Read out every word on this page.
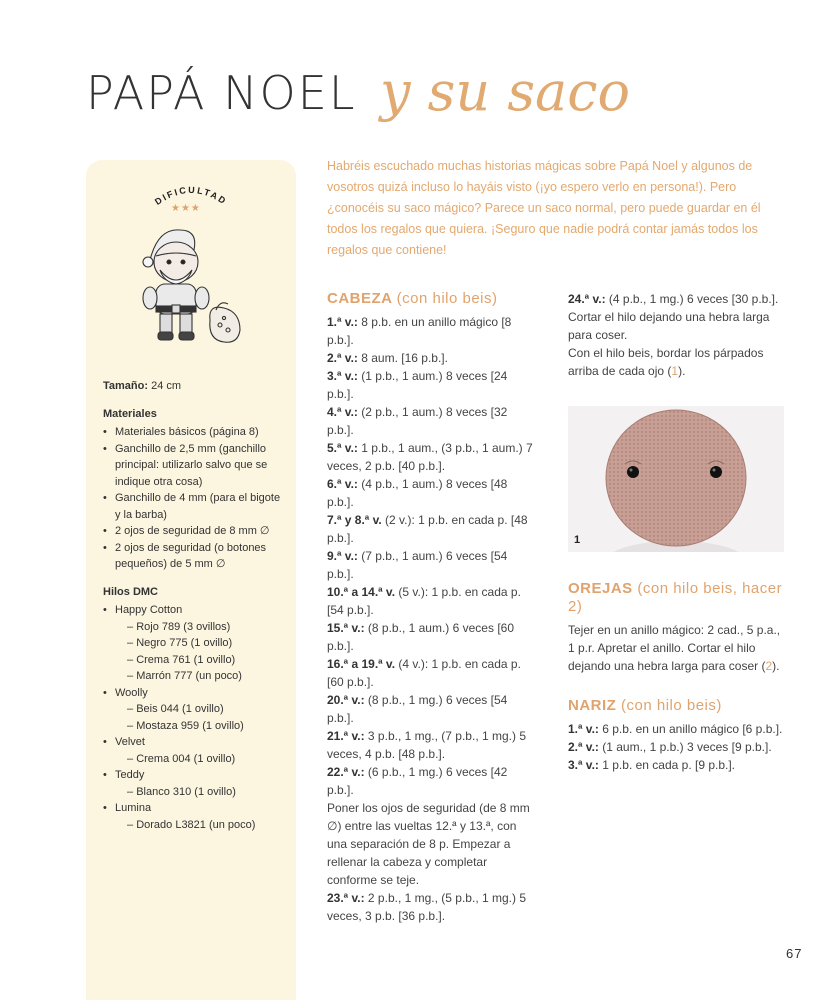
PAPÁ NOEL y su saco
DIFICULTAD
★★★
Tamaño: 24 cm
Materiales
• Materiales básicos (página 8)
• Ganchillo de 2,5 mm (ganchillo principal: utilizarlo salvo que se indique otra cosa)
• Ganchillo de 4 mm (para el bigote y la barba)
• 2 ojos de seguridad de 8 mm ∅
• 2 ojos de seguridad (o botones pequeños) de 5 mm ∅
Hilos DMC
• Happy Cotton
– Rojo 789 (3 ovillos)
– Negro 775 (1 ovillo)
– Crema 761 (1 ovillo)
– Marrón 777 (un poco)
• Woolly
– Beis 044 (1 ovillo)
– Mostaza 959 (1 ovillo)
• Velvet
– Crema 004 (1 ovillo)
• Teddy
– Blanco 310 (1 ovillo)
• Lumina
– Dorado L3821 (un poco)
Habréis escuchado muchas historias mágicas sobre Papá Noel y algunos de vosotros quizá incluso lo hayáis visto (¡yo espero verlo en persona!). Pero ¿conocéis su saco mágico? Parece un saco normal, pero puede guardar en él todos los regalos que quiera. ¡Seguro que nadie podrá contar jamás todos los regalos que contiene!
CABEZA (con hilo beis)
1.ª v.: 8 p.b. en un anillo mágico [8 p.b.].
2.ª v.: 8 aum. [16 p.b.].
3.ª v.: (1 p.b., 1 aum.) 8 veces [24 p.b.].
4.ª v.: (2 p.b., 1 aum.) 8 veces [32 p.b.].
5.ª v.: 1 p.b., 1 aum., (3 p.b., 1 aum.) 7 veces, 2 p.b. [40 p.b.].
6.ª v.: (4 p.b., 1 aum.) 8 veces [48 p.b.].
7.ª y 8.ª v. (2 v.): 1 p.b. en cada p. [48 p.b.].
9.ª v.: (7 p.b., 1 aum.) 6 veces [54 p.b.].
10.ª a 14.ª v. (5 v.): 1 p.b. en cada p. [54 p.b.].
15.ª v.: (8 p.b., 1 aum.) 6 veces [60 p.b.].
16.ª a 19.ª v. (4 v.): 1 p.b. en cada p. [60 p.b.].
20.ª v.: (8 p.b., 1 mg.) 6 veces [54 p.b.].
21.ª v.: 3 p.b., 1 mg., (7 p.b., 1 mg.) 5 veces, 4 p.b. [48 p.b.].
22.ª v.: (6 p.b., 1 mg.) 6 veces [42 p.b.].
Poner los ojos de seguridad (de 8 mm ∅) entre las vueltas 12.ª y 13.ª, con una separación de 8 p. Empezar a rellenar la cabeza y completar conforme se teje.
23.ª v.: 2 p.b., 1 mg., (5 p.b., 1 mg.) 5 veces, 3 p.b. [36 p.b.].
24.ª v.: (4 p.b., 1 mg.) 6 veces [30 p.b.].
Cortar el hilo dejando una hebra larga para coser.
Con el hilo beis, bordar los párpados arriba de cada ojo (1).
1
OREJAS (con hilo beis, hacer 2)
Tejer en un anillo mágico: 2 cad., 5 p.a., 1 p.r. Apretar el anillo. Cortar el hilo dejando una hebra larga para coser (2).
NARIZ (con hilo beis)
1.ª v.: 6 p.b. en un anillo mágico [6 p.b.].
2.ª v.: (1 aum., 1 p.b.) 3 veces [9 p.b.].
3.ª v.: 1 p.b. en cada p. [9 p.b.].
67
